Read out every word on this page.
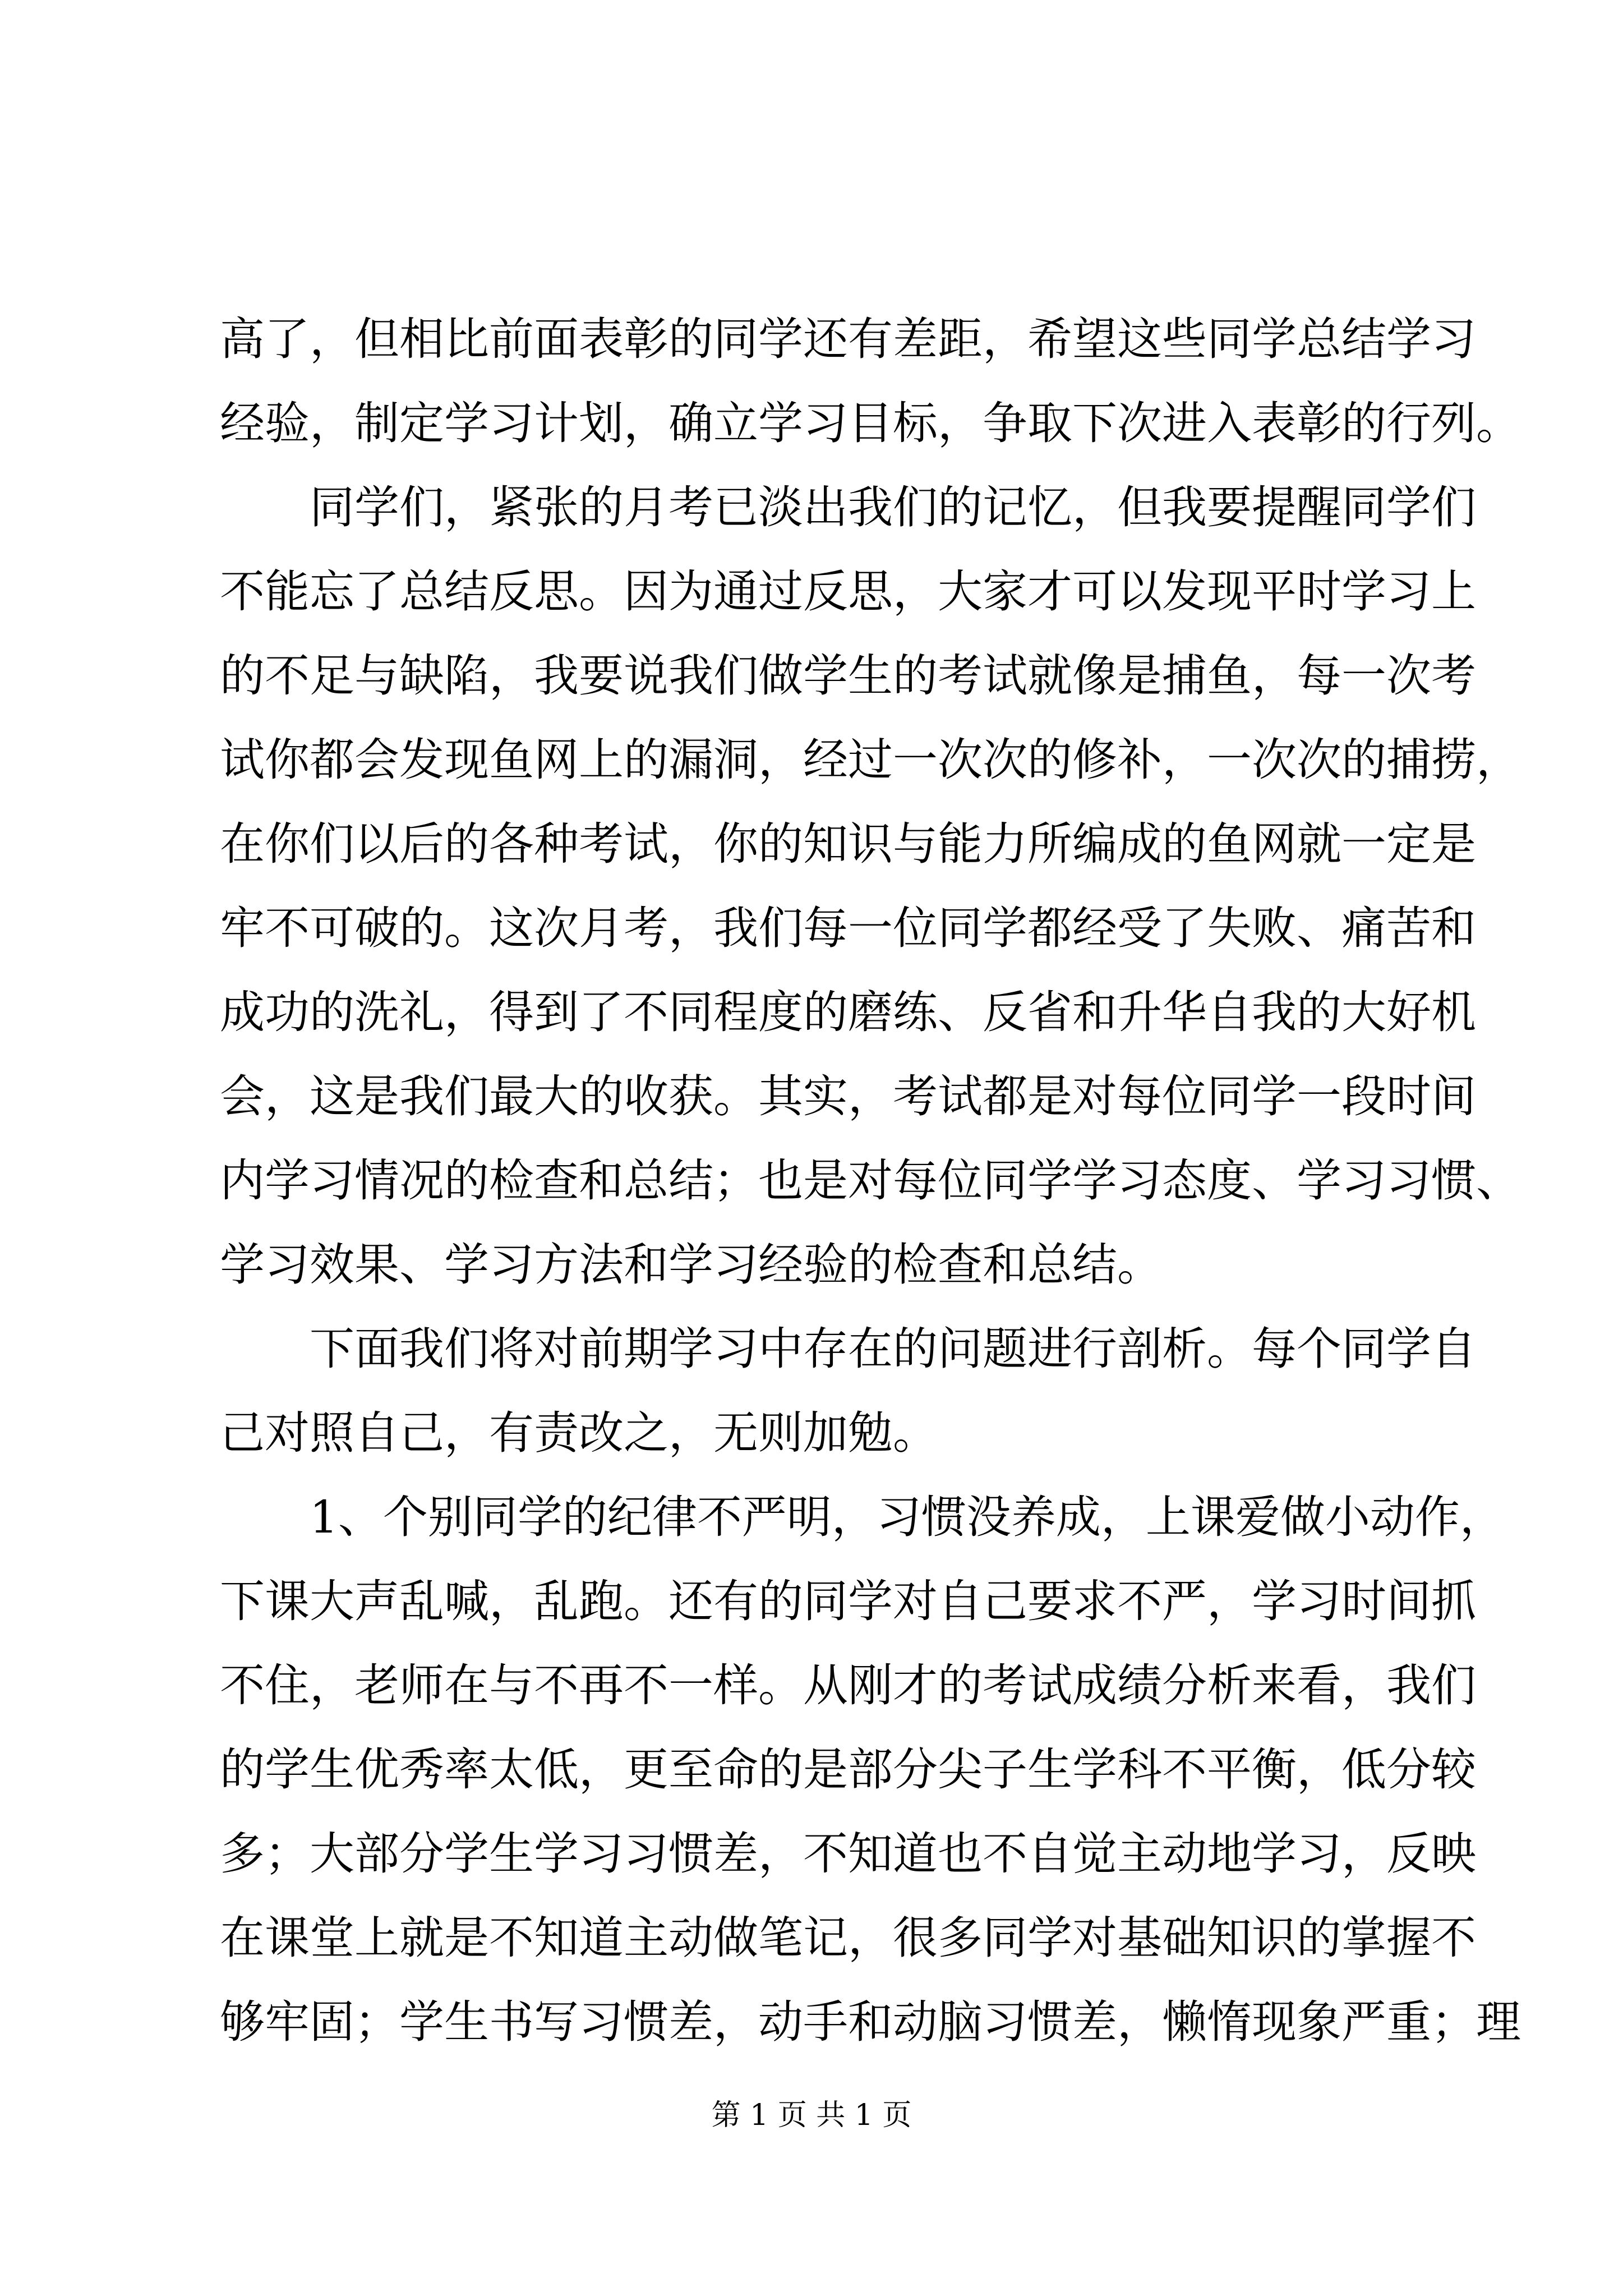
高了，但相比前面表彰的同学还有差距，希望这些同学总结学习
经验，制定学习计划，确立学习目标，争取下次进入表彰的行列。
同学们，紧张的月考已淡出我们的记忆，但我要提醒同学们
不能忘了总结反思。因为通过反思，大家才可以发现平时学习上
的不足与缺陷，我要说我们做学生的考试就像是捕鱼，每一次考
试你都会发现鱼网上的漏洞，经过一次次的修补，一次次的捕捞，
在你们以后的各种考试，你的知识与能力所编成的鱼网就一定是
牢不可破的。这次月考，我们每一位同学都经受了失败、痛苦和
成功的洗礼，得到了不同程度的磨练、反省和升华自我的大好机
会，这是我们最大的收获。其实，考试都是对每位同学一段时间
内学习情况的检查和总结；也是对每位同学学习态度、学习习惯、
学习效果、学习方法和学习经验的检查和总结。
下面我们将对前期学习中存在的问题进行剖析。每个同学自
己对照自己，有责改之，无则加勉。
1、个别同学的纪律不严明，习惯没养成，上课爱做小动作，
下课大声乱喊，乱跑。还有的同学对自己要求不严，学习时间抓
不住，老师在与不再不一样。从刚才的考试成绩分析来看，我们
的学生优秀率太低，更至命的是部分尖子生学科不平衡，低分较
多；大部分学生学习习惯差，不知道也不自觉主动地学习，反映
在课堂上就是不知道主动做笔记，很多同学对基础知识的掌握不
够牢固；学生书写习惯差，动手和动脑习惯差，懒惰现象严重；理
第 1 页 共 1 页
